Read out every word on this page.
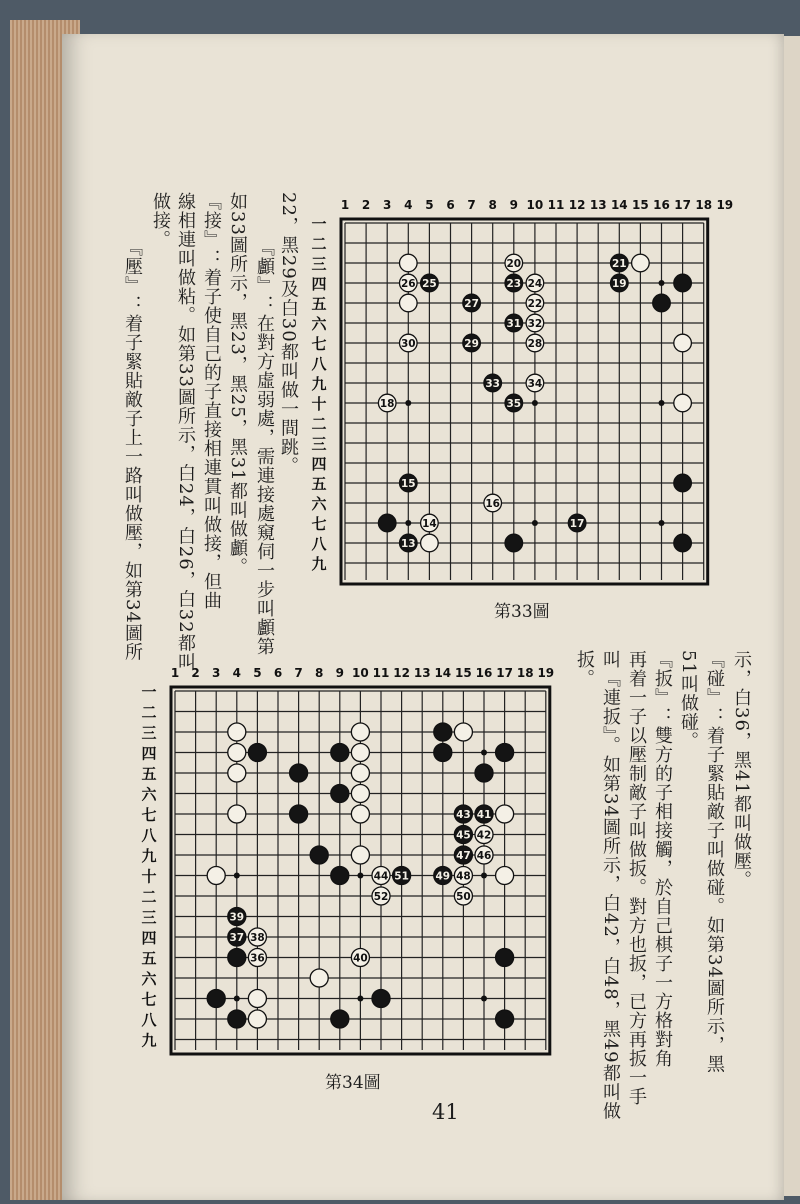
1 2 3 4 5 6 7 8 9 10 11 12 13 14 15 16 17 18 19
一
二
三
四
五
六
七
八
九
十
二
三
四
五
六
七
八
九
26 25
27
20
23 24
22
31 32
28
29
30
33	34
35
18
21
19
15
16
17
14
13
第33圖
1 2 3 4 5 6 7 8 9 10 11 12 13 14 15 16 17 18 19
一
二
三
四
五
六
七
八
九
十
二
三
四
五
六
七
八
九
43 41
45 42
47 46
44 51	49 48
52	50
39
37 38
36	40
第34圖
22，黑29及白30都叫做一間跳。
『顱』：在對方虛弱處，需連接處窺伺一步叫顱第
如33圖所示，黑23，黑25，黑31都叫做顱。
『接』：着子使自己的子直接相連貫叫做接，但曲
線相連叫做粘。如第33圖所示，白24，白26，白32都叫
做接。
『壓』：着子緊貼敵子上一路叫做壓，如第34圖所
示，白36，黑41都叫做壓。
『碰』：着子緊貼敵子叫做碰。如第34圖所示，黑
51叫做碰。
『扳』：雙方的子相接觸，於自己棋子一方格對角
再着一子以壓制敵子叫做扳。對方也扳，已方再扳一手
叫『連扳』。如第34圖所示，白42，白48，黑49都叫做
扳。
41
